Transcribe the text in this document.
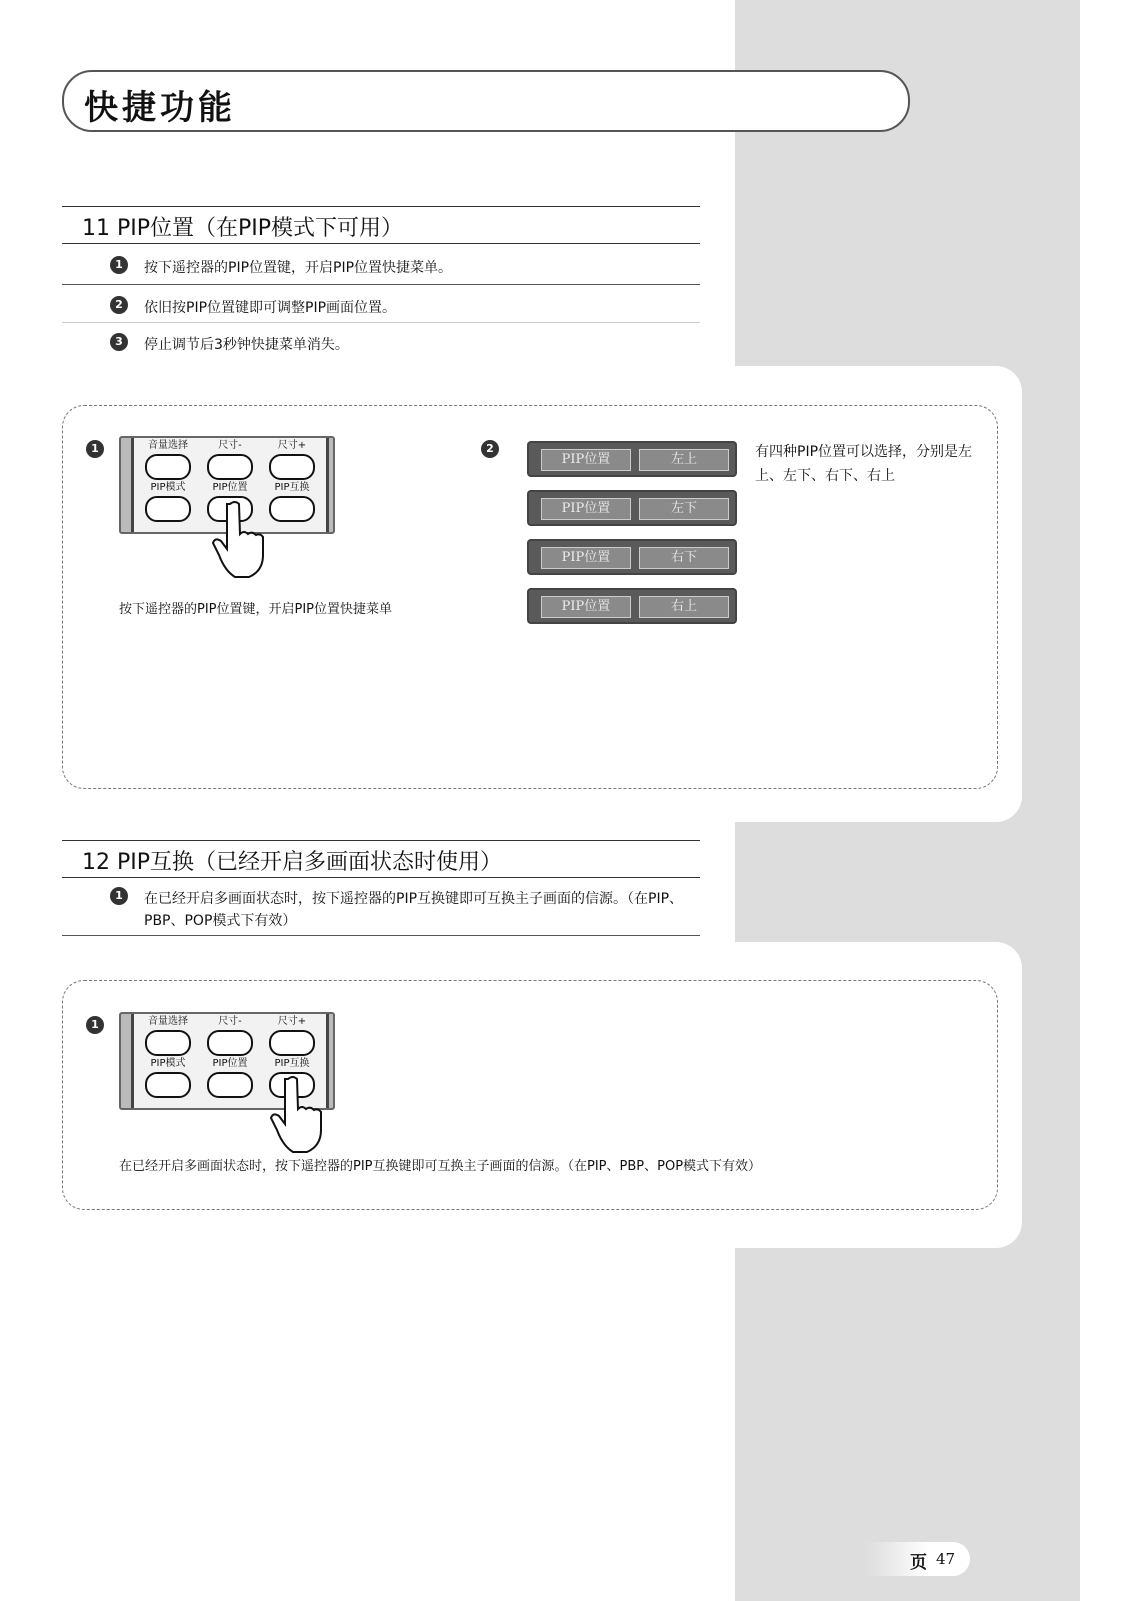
快捷功能
11 PIP位置（在PIP模式下可用）
1	按下遥控器的PIP位置键，开启PIP位置快捷菜单。
2	依旧按PIP位置键即可调整PIP画面位置。
3	停止调节后3秒钟快捷菜单消失。
1	音量选择	尺寸-	尺寸+
PIP模式	PIP位置	PIP互换
按下遥控器的PIP位置键，开启PIP位置快捷菜单
2
PIP位置	左上
PIP位置	左下
PIP位置	右下
PIP位置	右上
有四种PIP位置可以选择，分别是左上、左下、右下、右上
12 PIP互换（已经开启多画面状态时使用）
1	在已经开启多画面状态时，按下遥控器的PIP互换键即可互换主子画面的信源。（在PIP、PBP、POP模式下有效）
1	音量选择	尺寸-	尺寸+
PIP模式	PIP位置	PIP互换
在已经开启多画面状态时，按下遥控器的PIP互换键即可互换主子画面的信源。（在PIP、PBP、POP模式下有效）
页 47
